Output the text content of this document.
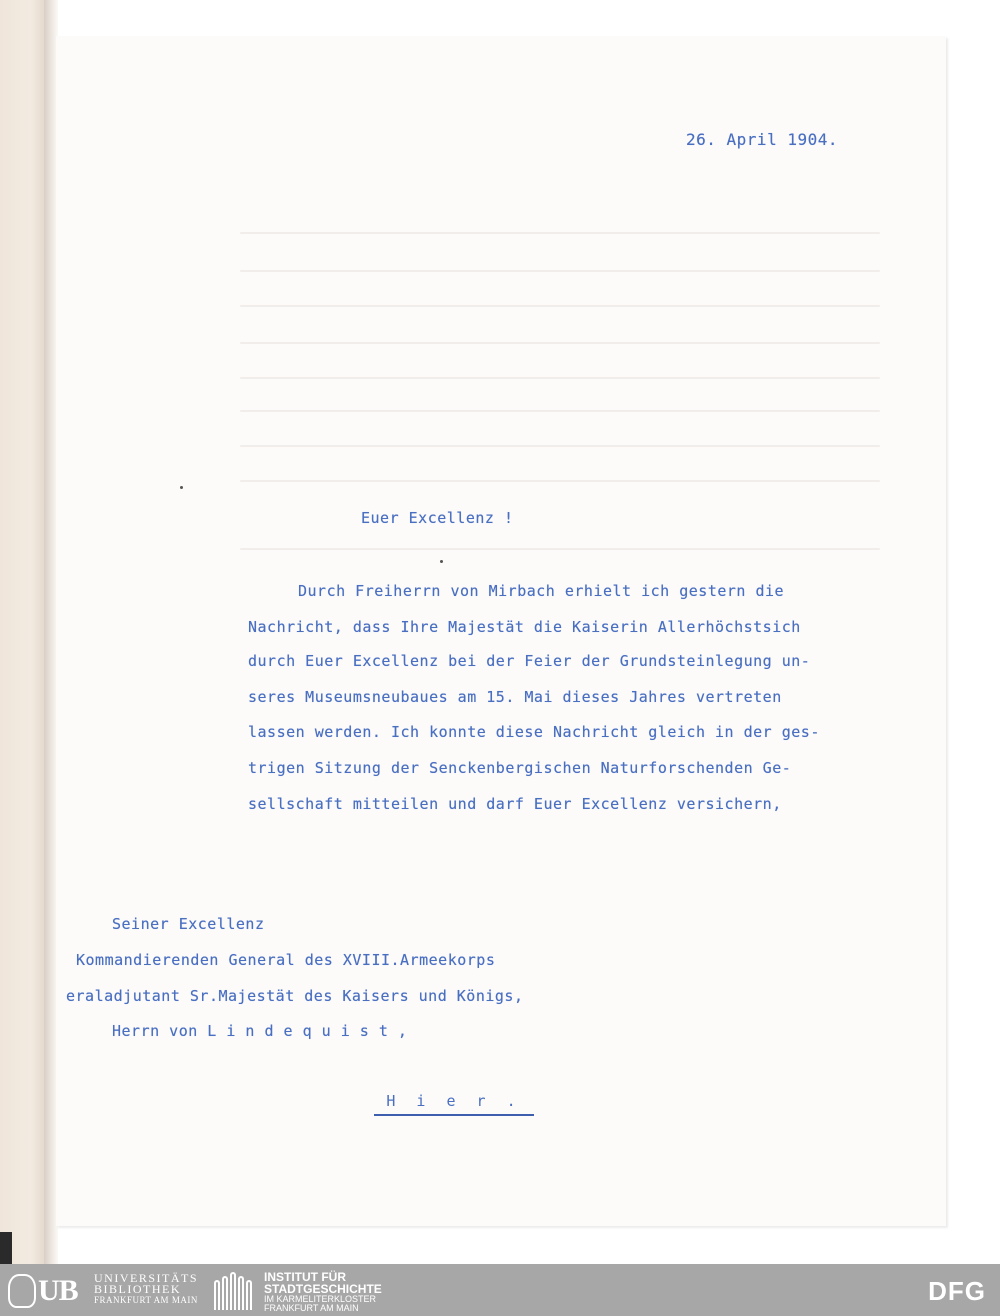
26. April 1904.
Euer Excellenz !
Durch Freiherrn von Mirbach erhielt ich gestern die
Nachricht, dass Ihre Majestät die Kaiserin Allerhöchstsich
durch Euer Excellenz bei der Feier der Grundsteinlegung un-
seres Museumsneubaues am 15. Mai dieses Jahres vertreten
lassen werden. Ich konnte diese Nachricht gleich in der ges-
trigen Sitzung der Senckenbergischen Naturforschenden Ge-
sellschaft mitteilen und darf Euer Excellenz versichern,
Seiner Excellenz
Kommandierenden General des XVIII.Armeekorps
eraladjutant Sr.Majestät des Kaisers und Königs,
Herrn von L i n d e q u i s t ,
H i e r .
UB UNIVERSITÄTS
BIBLIOTHEK
FRANKFURT AM MAIN
INSTITUT FÜR
STADTGESCHICHTE
IM KARMELITERKLOSTER
FRANKFURT AM MAIN
DFG
